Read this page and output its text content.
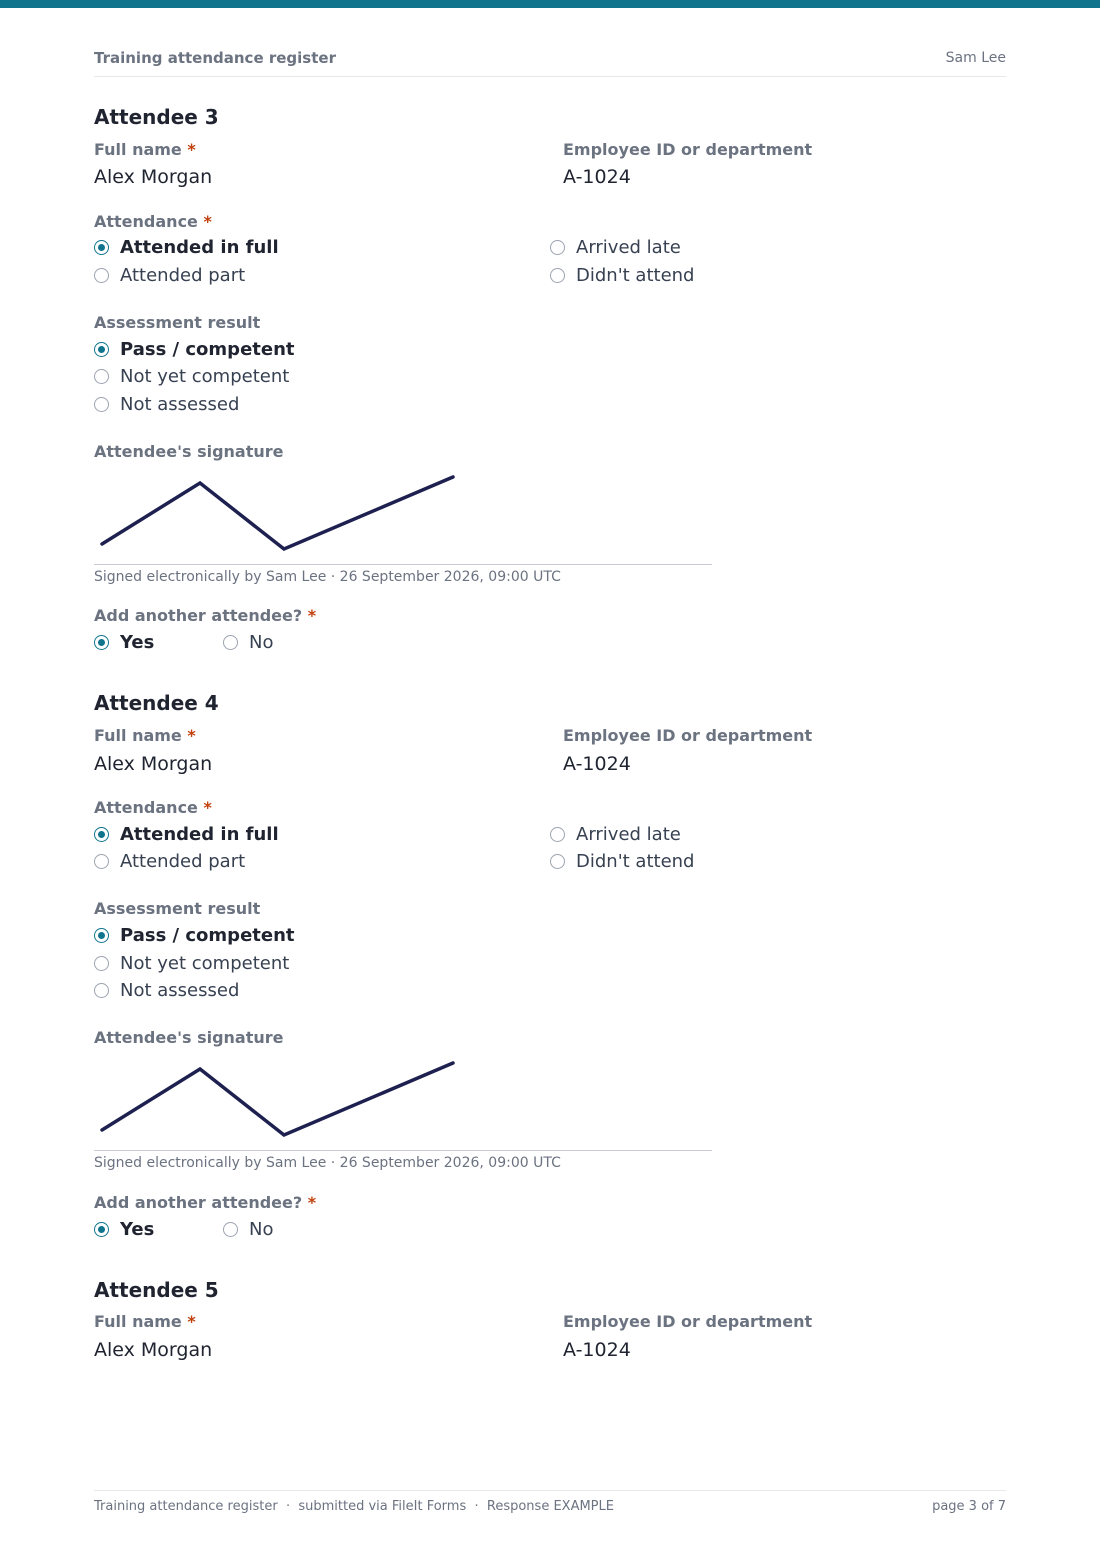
Training attendance register	Sam Lee
Attendee 3
Full name *
Alex Morgan
Employee ID or department
A-1024
Attendance *
Attended in full	Arrived late
Attended part	Didn't attend
Assessment result
Pass / competent
Not yet competent
Not assessed
Attendee's signature
Signed electronically by Sam Lee · 26 September 2026, 09:00 UTC
Add another attendee? *
Yes	No
Attendee 4
Full name *
Alex Morgan
Employee ID or department
A-1024
Attendance *
Attended in full	Arrived late
Attended part	Didn't attend
Assessment result
Pass / competent
Not yet competent
Not assessed
Attendee's signature
Signed electronically by Sam Lee · 26 September 2026, 09:00 UTC
Add another attendee? *
Yes	No
Attendee 5
Full name *
Alex Morgan
Employee ID or department
A-1024
Training attendance register  ·  submitted via FileIt Forms  ·  Response EXAMPLE	page 3 of 7
